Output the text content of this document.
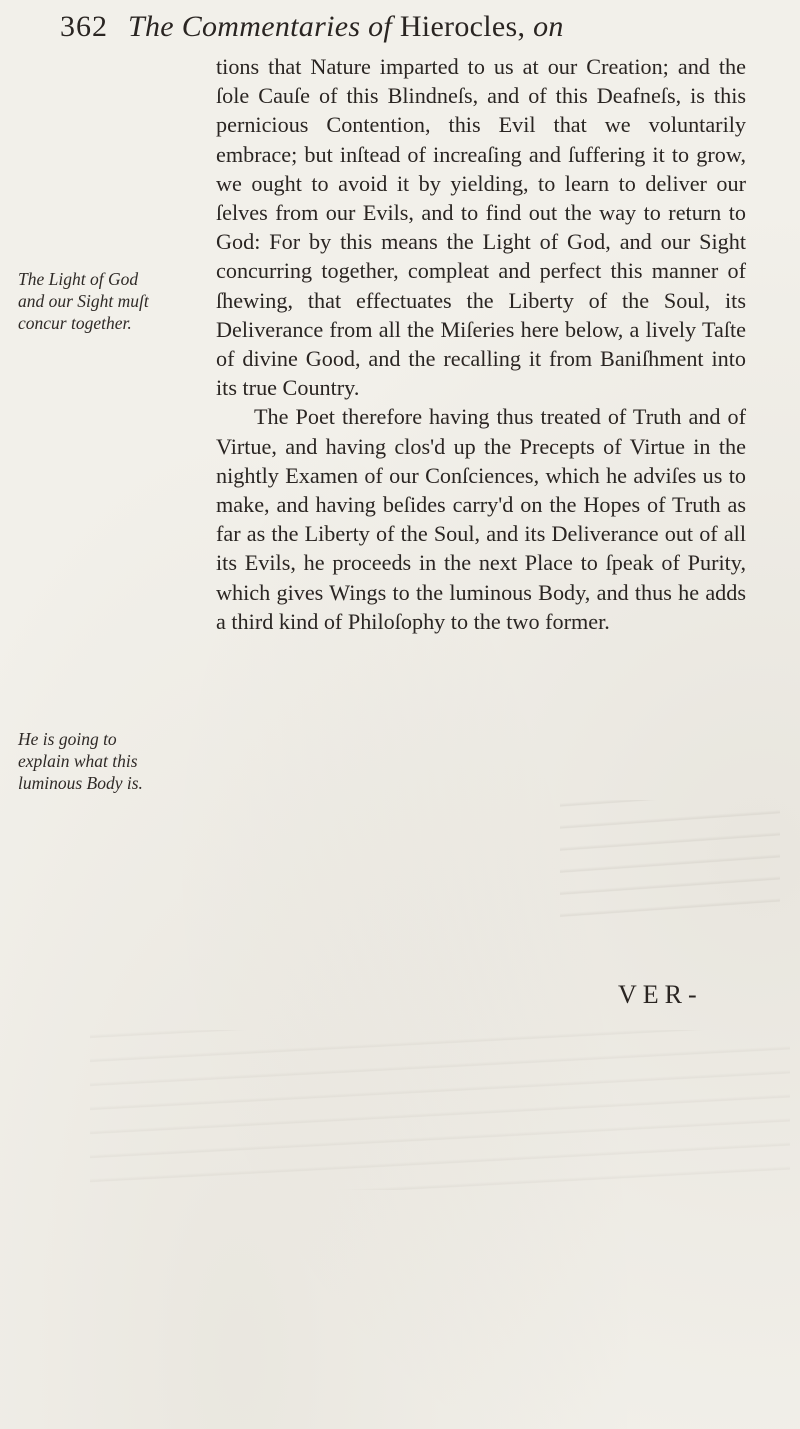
362 The Commentaries of Hierocles, on
The Light of God and our Sight muſt concur together.
He is going to explain what this luminous Body is.

tions that Nature imparted to us at our Creation; and the ſole Cauſe of this Blindneſs, and of this Deafneſs, is this pernicious Contention, this Evil that we voluntarily embrace; but inſtead of increaſing and ſuffering it to grow, we ought to avoid it by yielding, to learn to deliver our ſelves from our Evils, and to find out the way to return to God: For by this means the Light of God, and our Sight concurring together, compleat and perfect this manner of ſhewing, that effectuates the Liberty of the Soul, its Deliverance from all the Miſeries here below, a lively Taſte of divine Good, and the recalling it from Baniſhment into its true Country.

The Poet therefore having thus treated of Truth and of Virtue, and having clos'd up the Precepts of Virtue in the nightly Examen of our Conſciences, which he adviſes us to make, and having beſides carry'd on the Hopes of Truth as far as the Liberty of the Soul, and its Deliverance out of all its Evils, he proceeds in the next Place to ſpeak of Purity, which gives Wings to the luminous Body, and thus he adds a third kind of Philoſophy to the two former.

VER-
